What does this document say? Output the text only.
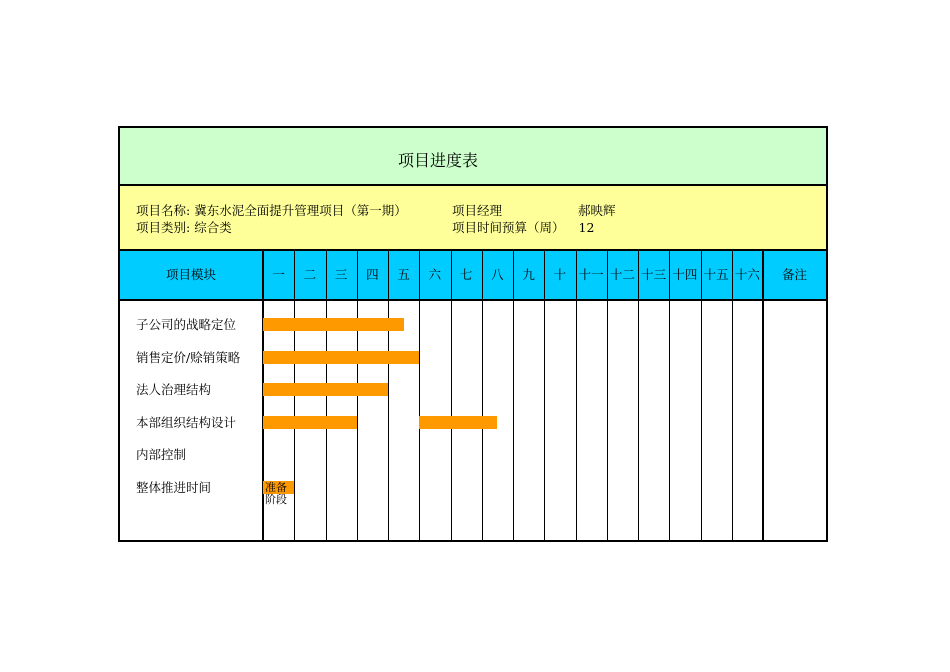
项目进度表
项目名称: 冀东水泥全面提升管理项目（第一期）	项目经理	郝映辉
项目类别: 综合类	项目时间预算（周） 12
项目模块	一	二	三	四	五	六	七	八	九	十 十一 十二 十三 十四 十五 十六	备注
子公司的战略定位
销售定价/赊销策略
法人治理结构
本部组织结构设计
内部控制
整体推进时间	准备
阶段
